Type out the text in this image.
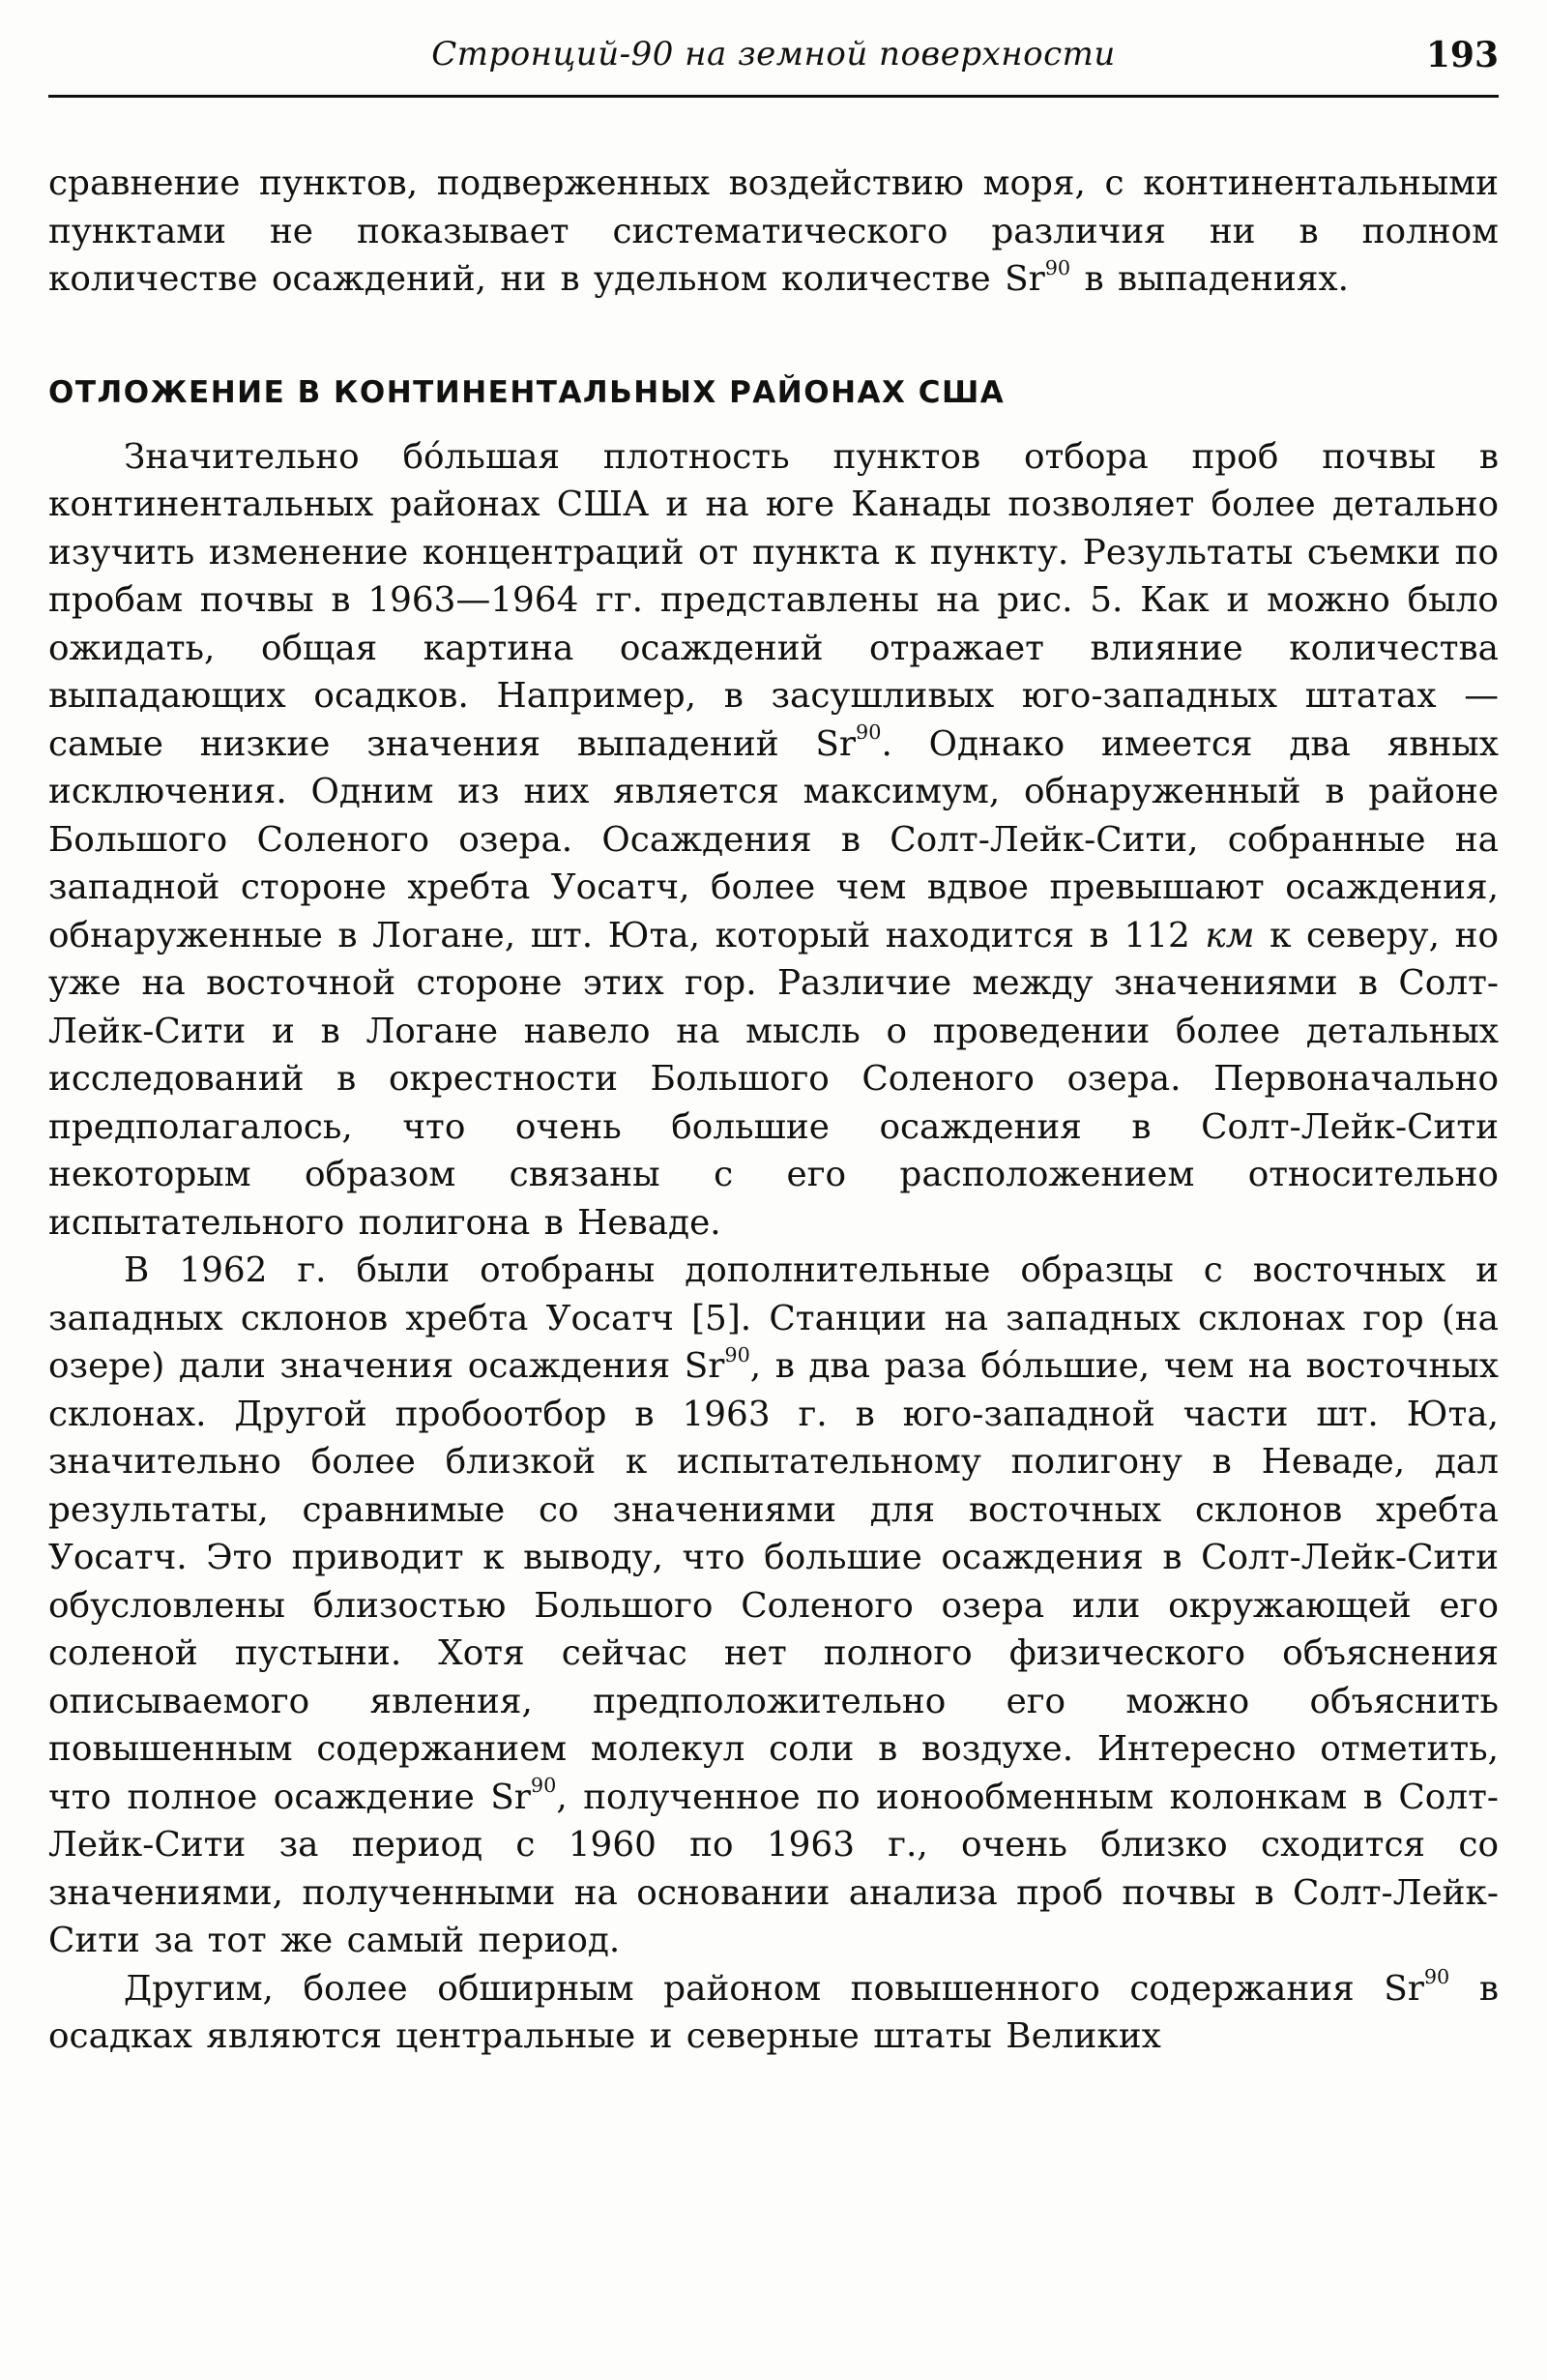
Стронций-90 на земной поверхности	193

сравнение пунктов, подверженных воздействию моря, с континентальными пунктами не показывает систематического различия ни в полном количестве осаждений, ни в удельном количестве Sr$^{90}$ в выпадениях.

ОТЛОЖЕНИЕ В КОНТИНЕНТАЛЬНЫХ РАЙОНАХ США

Значительно бóльшая плотность пунктов отбора проб почвы в континентальных районах США и на юге Канады позволяет более детально изучить изменение концентраций от пункта к пункту. Результаты съемки по пробам почвы в 1963—1964 гг. представлены на рис. 5. Как и можно было ожидать, общая картина осаждений отражает влияние количества выпадающих осадков. Например, в засушливых юго-западных штатах — самые низкие значения выпадений Sr$^{90}$. Однако имеется два явных исключения. Одним из них является максимум, обнаруженный в районе Большого Соленого озера. Осаждения в Солт-Лейк-Сити, собранные на западной стороне хребта Уосатч, более чем вдвое превышают осаждения, обнаруженные в Логане, шт. Юта, который находится в 112 км к северу, но уже на восточной стороне этих гор. Различие между значениями в Солт-Лейк-Сити и в Логане навело на мысль о проведении более детальных исследований в окрестности Большого Соленого озера. Первоначально предполагалось, что очень большие осаждения в Солт-Лейк-Сити некоторым образом связаны с его расположением относительно испытательного полигона в Неваде.

В 1962 г. были отобраны дополнительные образцы с восточных и западных склонов хребта Уосатч [5]. Станции на западных склонах гор (на озере) дали значения осаждения Sr$^{90}$, в два раза бóльшие, чем на восточных склонах. Другой пробоотбор в 1963 г. в юго-западной части шт. Юта, значительно более близкой к испытательному полигону в Неваде, дал результаты, сравнимые со значениями для восточных склонов хребта Уосатч. Это приводит к выводу, что большие осаждения в Солт-Лейк-Сити обусловлены близостью Большого Соленого озера или окружающей его соленой пустыни. Хотя сейчас нет полного физического объяснения описываемого явления, предположительно его можно объяснить повышенным содержанием молекул соли в воздухе. Интересно отметить, что полное осаждение Sr$^{90}$, полученное по ионообменным колонкам в Солт-Лейк-Сити за период с 1960 по 1963 г., очень близко сходится со значениями, полученными на основании анализа проб почвы в Солт-Лейк-Сити за тот же самый период.

Другим, более обширным районом повышенного содержания Sr$^{90}$ в осадках являются центральные и северные штаты Великих
